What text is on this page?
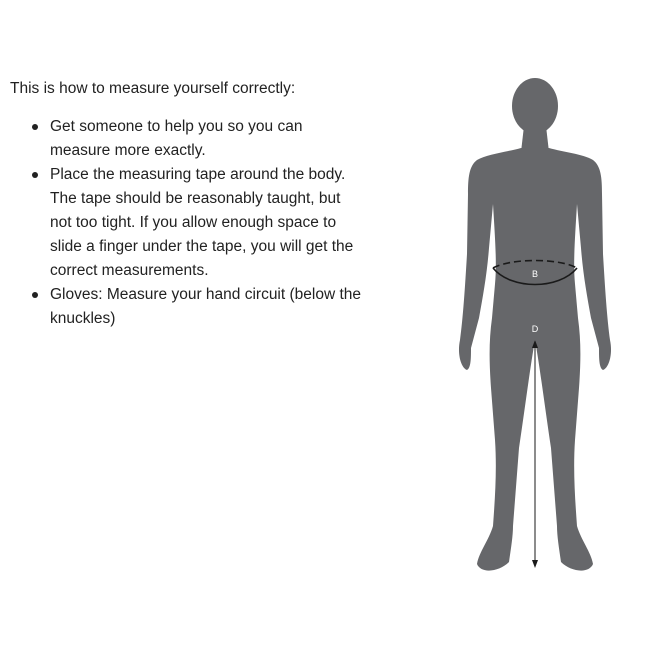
This is how to measure yourself correctly:

Get someone to help you so you can
measure more exactly.
Place the measuring tape around the body.
The tape should be reasonably taught, but
not too tight. If you allow enough space to
slide a finger under the tape, you will get the
correct measurements.
Gloves: Measure your hand circuit (below the
knuckles)
B
D
